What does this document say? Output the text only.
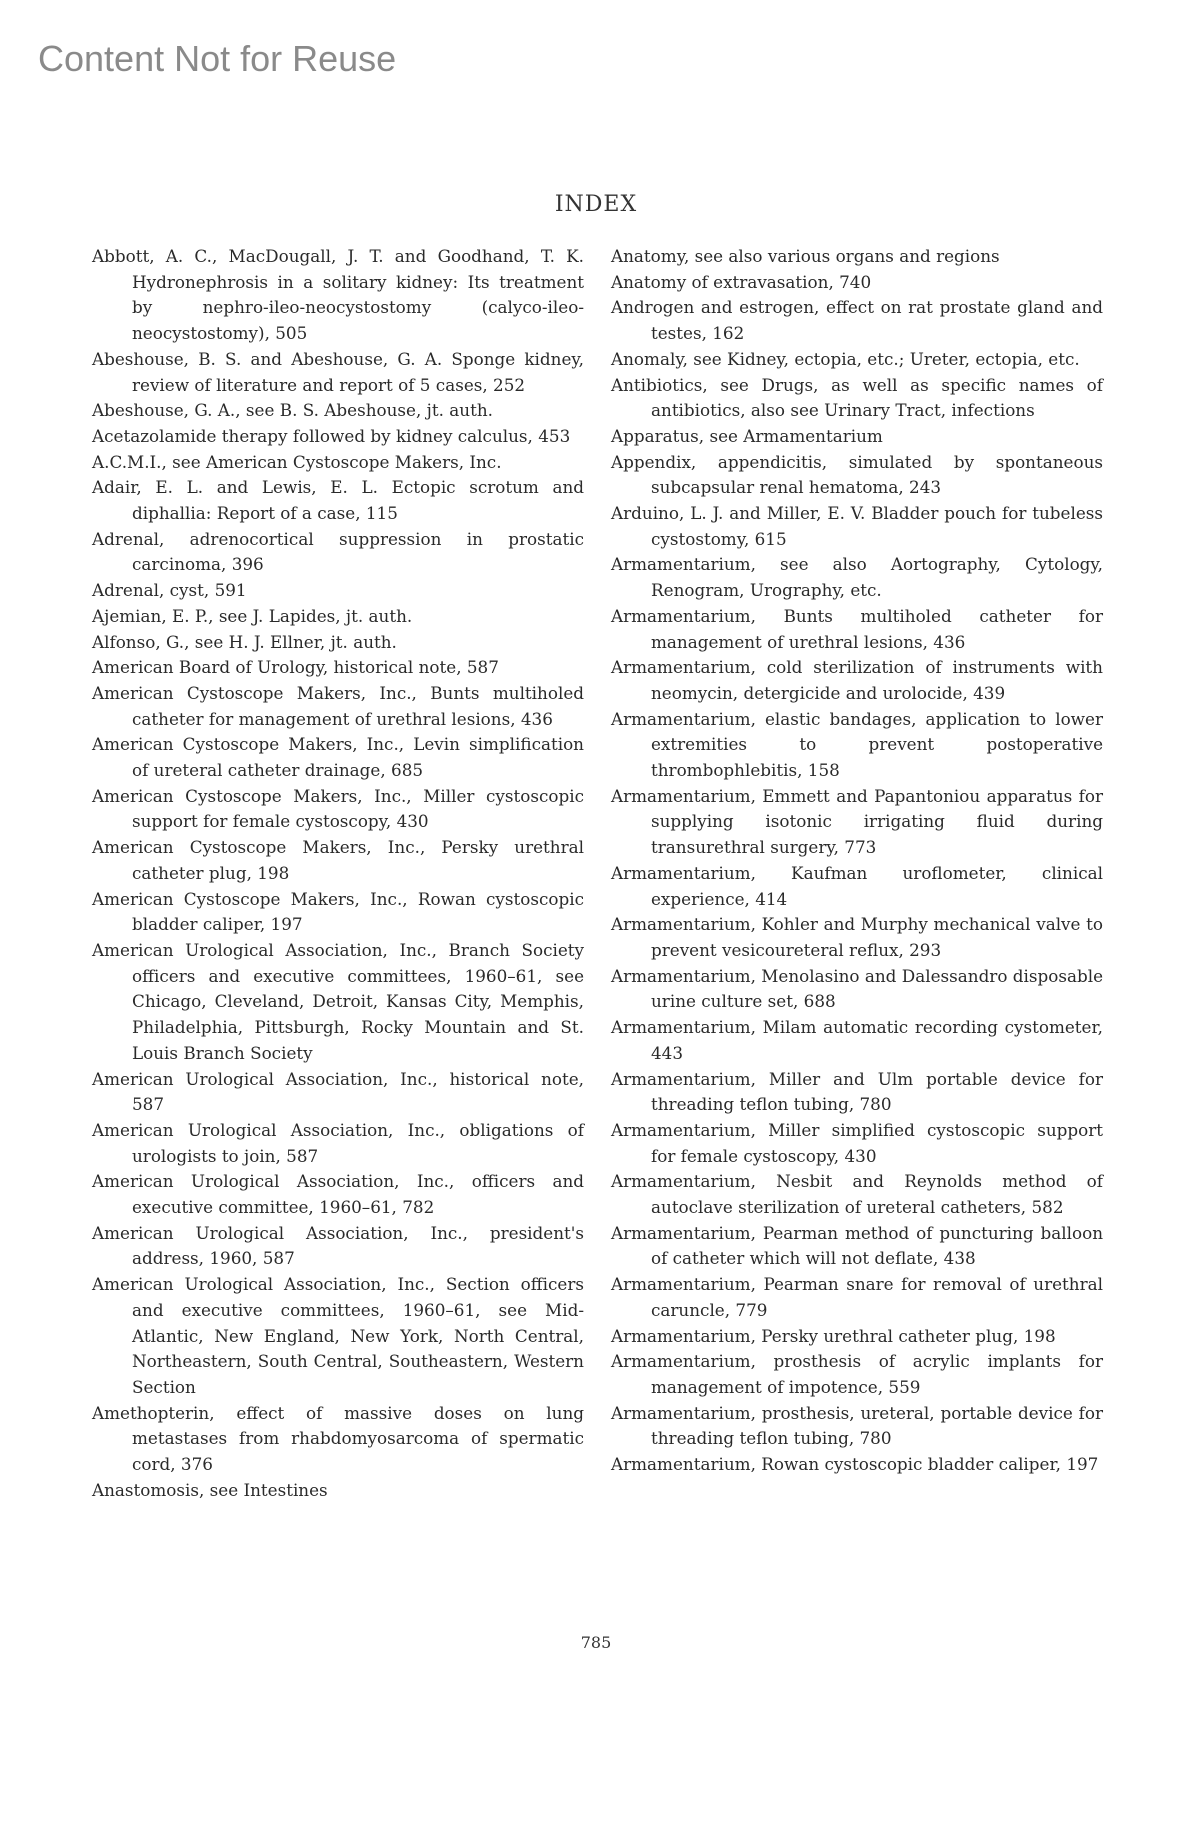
Content Not for Reuse
INDEX
Abbott, A. C., MacDougall, J. T. and Goodhand, T. K. Hydronephrosis in a solitary kidney: Its treatment by nephro-ileo-neocystostomy (calyco-ileo-neocystostomy), 505
Abeshouse, B. S. and Abeshouse, G. A. Sponge kidney, review of literature and report of 5 cases, 252
Abeshouse, G. A., see B. S. Abeshouse, jt. auth.
Acetazolamide therapy followed by kidney calculus, 453
A.C.M.I., see American Cystoscope Makers, Inc.
Adair, E. L. and Lewis, E. L. Ectopic scrotum and diphallia: Report of a case, 115
Adrenal, adrenocortical suppression in prostatic carcinoma, 396
Adrenal, cyst, 591
Ajemian, E. P., see J. Lapides, jt. auth.
Alfonso, G., see H. J. Ellner, jt. auth.
American Board of Urology, historical note, 587
American Cystoscope Makers, Inc., Bunts multiholed catheter for management of urethral lesions, 436
American Cystoscope Makers, Inc., Levin simplification of ureteral catheter drainage, 685
American Cystoscope Makers, Inc., Miller cystoscopic support for female cystoscopy, 430
American Cystoscope Makers, Inc., Persky urethral catheter plug, 198
American Cystoscope Makers, Inc., Rowan cystoscopic bladder caliper, 197
American Urological Association, Inc., Branch Society officers and executive committees, 1960–61, see Chicago, Cleveland, Detroit, Kansas City, Memphis, Philadelphia, Pittsburgh, Rocky Mountain and St. Louis Branch Society
American Urological Association, Inc., historical note, 587
American Urological Association, Inc., obligations of urologists to join, 587
American Urological Association, Inc., officers and executive committee, 1960–61, 782
American Urological Association, Inc., president's address, 1960, 587
American Urological Association, Inc., Section officers and executive committees, 1960–61, see Mid-Atlantic, New England, New York, North Central, Northeastern, South Central, Southeastern, Western Section
Amethopterin, effect of massive doses on lung metastases from rhabdomyosarcoma of spermatic cord, 376
Anastomosis, see Intestines
Anatomy, see also various organs and regions
Anatomy of extravasation, 740
Androgen and estrogen, effect on rat prostate gland and testes, 162
Anomaly, see Kidney, ectopia, etc.; Ureter, ectopia, etc.
Antibiotics, see Drugs, as well as specific names of antibiotics, also see Urinary Tract, infections
Apparatus, see Armamentarium
Appendix, appendicitis, simulated by spontaneous subcapsular renal hematoma, 243
Arduino, L. J. and Miller, E. V. Bladder pouch for tubeless cystostomy, 615
Armamentarium, see also Aortography, Cytology, Renogram, Urography, etc.
Armamentarium, Bunts multiholed catheter for management of urethral lesions, 436
Armamentarium, cold sterilization of instruments with neomycin, detergicide and urolocide, 439
Armamentarium, elastic bandages, application to lower extremities to prevent postoperative thrombophlebitis, 158
Armamentarium, Emmett and Papantoniou apparatus for supplying isotonic irrigating fluid during transurethral surgery, 773
Armamentarium, Kaufman uroflometer, clinical experience, 414
Armamentarium, Kohler and Murphy mechanical valve to prevent vesicoureteral reflux, 293
Armamentarium, Menolasino and Dalessandro disposable urine culture set, 688
Armamentarium, Milam automatic recording cystometer, 443
Armamentarium, Miller and Ulm portable device for threading teflon tubing, 780
Armamentarium, Miller simplified cystoscopic support for female cystoscopy, 430
Armamentarium, Nesbit and Reynolds method of autoclave sterilization of ureteral catheters, 582
Armamentarium, Pearman method of puncturing balloon of catheter which will not deflate, 438
Armamentarium, Pearman snare for removal of urethral caruncle, 779
Armamentarium, Persky urethral catheter plug, 198
Armamentarium, prosthesis of acrylic implants for management of impotence, 559
Armamentarium, prosthesis, ureteral, portable device for threading teflon tubing, 780
Armamentarium, Rowan cystoscopic bladder caliper, 197
785
